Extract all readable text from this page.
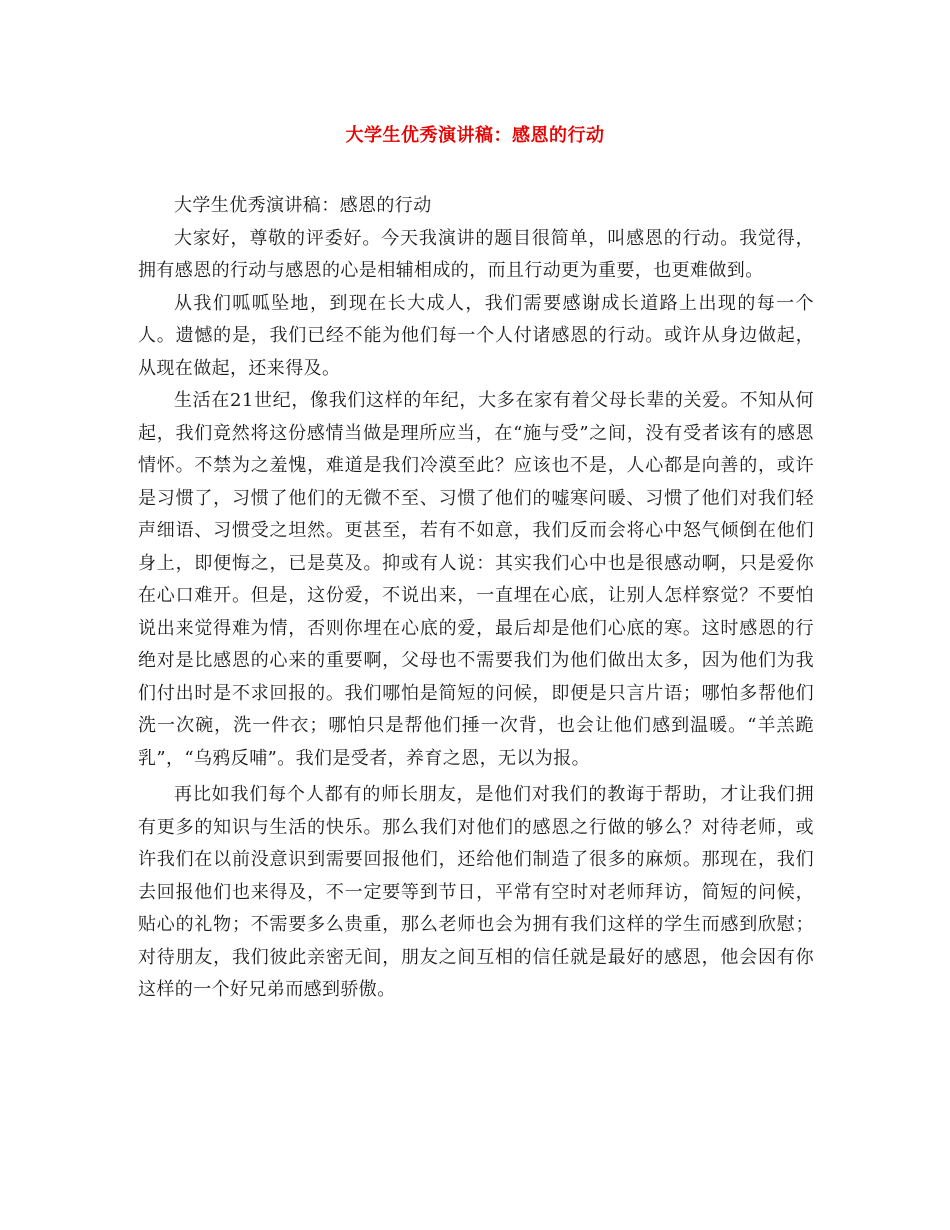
大学生优秀演讲稿：感恩的行动

大学生优秀演讲稿：感恩的行动

大家好，尊敬的评委好。今天我演讲的题目很简单，叫感恩的行动。我觉得，拥有感恩的行动与感恩的心是相辅相成的，而且行动更为重要，也更难做到。

从我们呱呱坠地，到现在长大成人，我们需要感谢成长道路上出现的每一个人。遗憾的是，我们已经不能为他们每一个人付诸感恩的行动。或许从身边做起，从现在做起，还来得及。

生活在21世纪，像我们这样的年纪，大多在家有着父母长辈的关爱。不知从何起，我们竟然将这份感情当做是理所应当，在“施与受”之间，没有受者该有的感恩情怀。不禁为之羞愧，难道是我们冷漠至此？应该也不是，人心都是向善的，或许是习惯了，习惯了他们的无微不至、习惯了他们的嘘寒问暖、习惯了他们对我们轻声细语、习惯受之坦然。更甚至，若有不如意，我们反而会将心中怒气倾倒在他们身上，即便悔之，已是莫及。抑或有人说：其实我们心中也是很感动啊，只是爱你在心口难开。但是，这份爱，不说出来，一直埋在心底，让别人怎样察觉？不要怕说出来觉得难为情，否则你埋在心底的爱，最后却是他们心底的寒。这时感恩的行绝对是比感恩的心来的重要啊，父母也不需要我们为他们做出太多，因为他们为我们付出时是不求回报的。我们哪怕是简短的问候，即便是只言片语；哪怕多帮他们洗一次碗，洗一件衣；哪怕只是帮他们捶一次背，也会让他们感到温暖。“羊羔跪乳”，“乌鸦反哺”。我们是受者，养育之恩，无以为报。

再比如我们每个人都有的师长朋友，是他们对我们的教诲于帮助，才让我们拥有更多的知识与生活的快乐。那么我们对他们的感恩之行做的够么？对待老师，或许我们在以前没意识到需要回报他们，还给他们制造了很多的麻烦。那现在，我们去回报他们也来得及，不一定要等到节日，平常有空时对老师拜访，简短的问候，贴心的礼物；不需要多么贵重，那么老师也会为拥有我们这样的学生而感到欣慰；对待朋友，我们彼此亲密无间，朋友之间互相的信任就是最好的感恩，他会因有你这样的一个好兄弟而感到骄傲。
